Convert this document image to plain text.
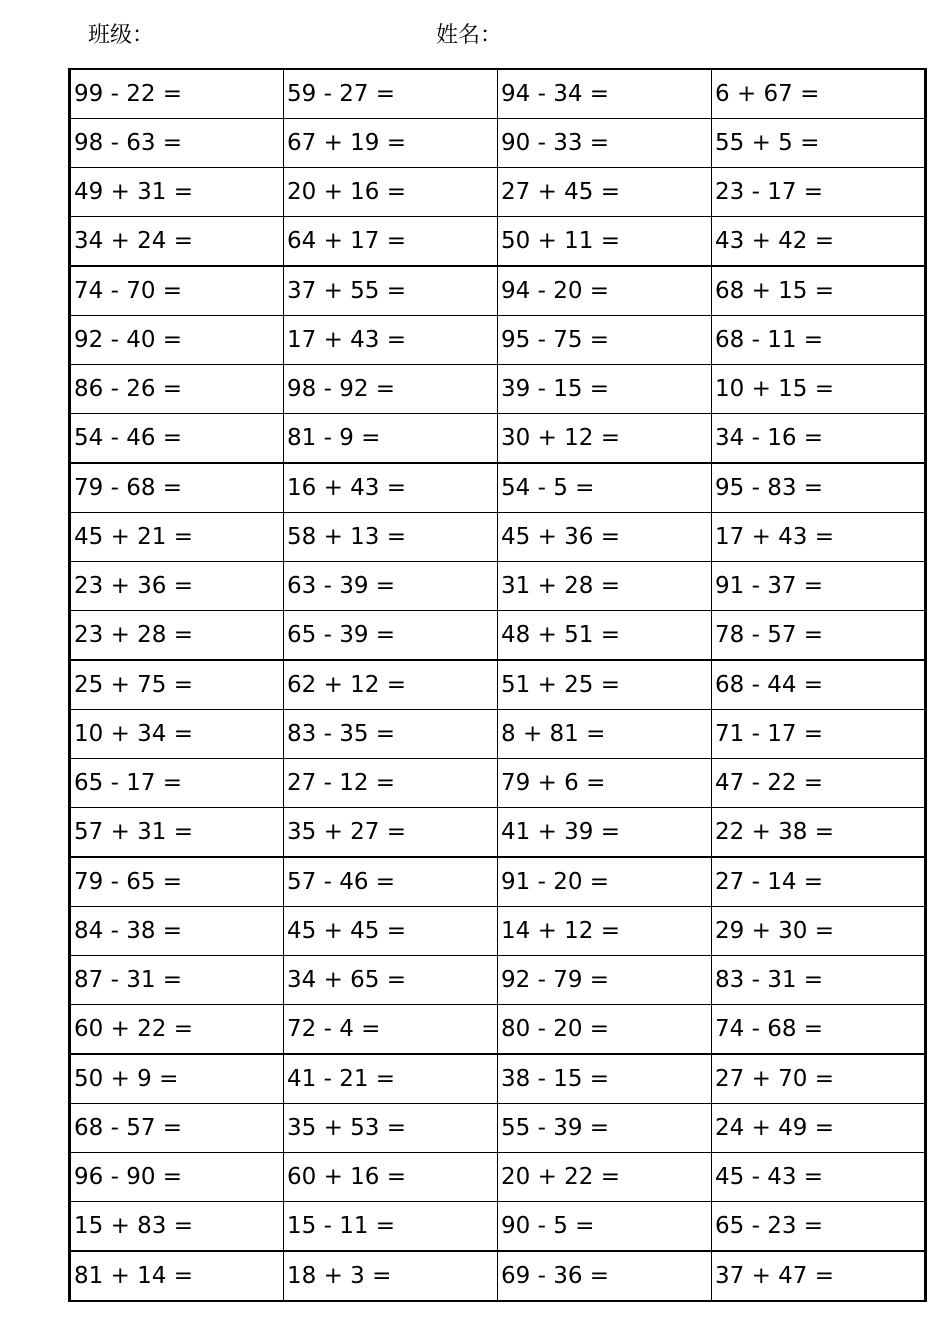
班级：	姓名：
99 - 22 =	59 - 27 =	94 - 34 =	6 + 67 =
98 - 63 =	67 + 19 =	90 - 33 =	55 + 5 =
49 + 31 =	20 + 16 =	27 + 45 =	23 - 17 =
34 + 24 =	64 + 17 =	50 + 11 =	43 + 42 =
74 - 70 =	37 + 55 =	94 - 20 =	68 + 15 =
92 - 40 =	17 + 43 =	95 - 75 =	68 - 11 =
86 - 26 =	98 - 92 =	39 - 15 =	10 + 15 =
54 - 46 =	81 - 9 =	30 + 12 =	34 - 16 =
79 - 68 =	16 + 43 =	54 - 5 =	95 - 83 =
45 + 21 =	58 + 13 =	45 + 36 =	17 + 43 =
23 + 36 =	63 - 39 =	31 + 28 =	91 - 37 =
23 + 28 =	65 - 39 =	48 + 51 =	78 - 57 =
25 + 75 =	62 + 12 =	51 + 25 =	68 - 44 =
10 + 34 =	83 - 35 =	8 + 81 =	71 - 17 =
65 - 17 =	27 - 12 =	79 + 6 =	47 - 22 =
57 + 31 =	35 + 27 =	41 + 39 =	22 + 38 =
79 - 65 =	57 - 46 =	91 - 20 =	27 - 14 =
84 - 38 =	45 + 45 =	14 + 12 =	29 + 30 =
87 - 31 =	34 + 65 =	92 - 79 =	83 - 31 =
60 + 22 =	72 - 4 =	80 - 20 =	74 - 68 =
50 + 9 =	41 - 21 =	38 - 15 =	27 + 70 =
68 - 57 =	35 + 53 =	55 - 39 =	24 + 49 =
96 - 90 =	60 + 16 =	20 + 22 =	45 - 43 =
15 + 83 =	15 - 11 =	90 - 5 =	65 - 23 =
81 + 14 =	18 + 3 =	69 - 36 =	37 + 47 =
